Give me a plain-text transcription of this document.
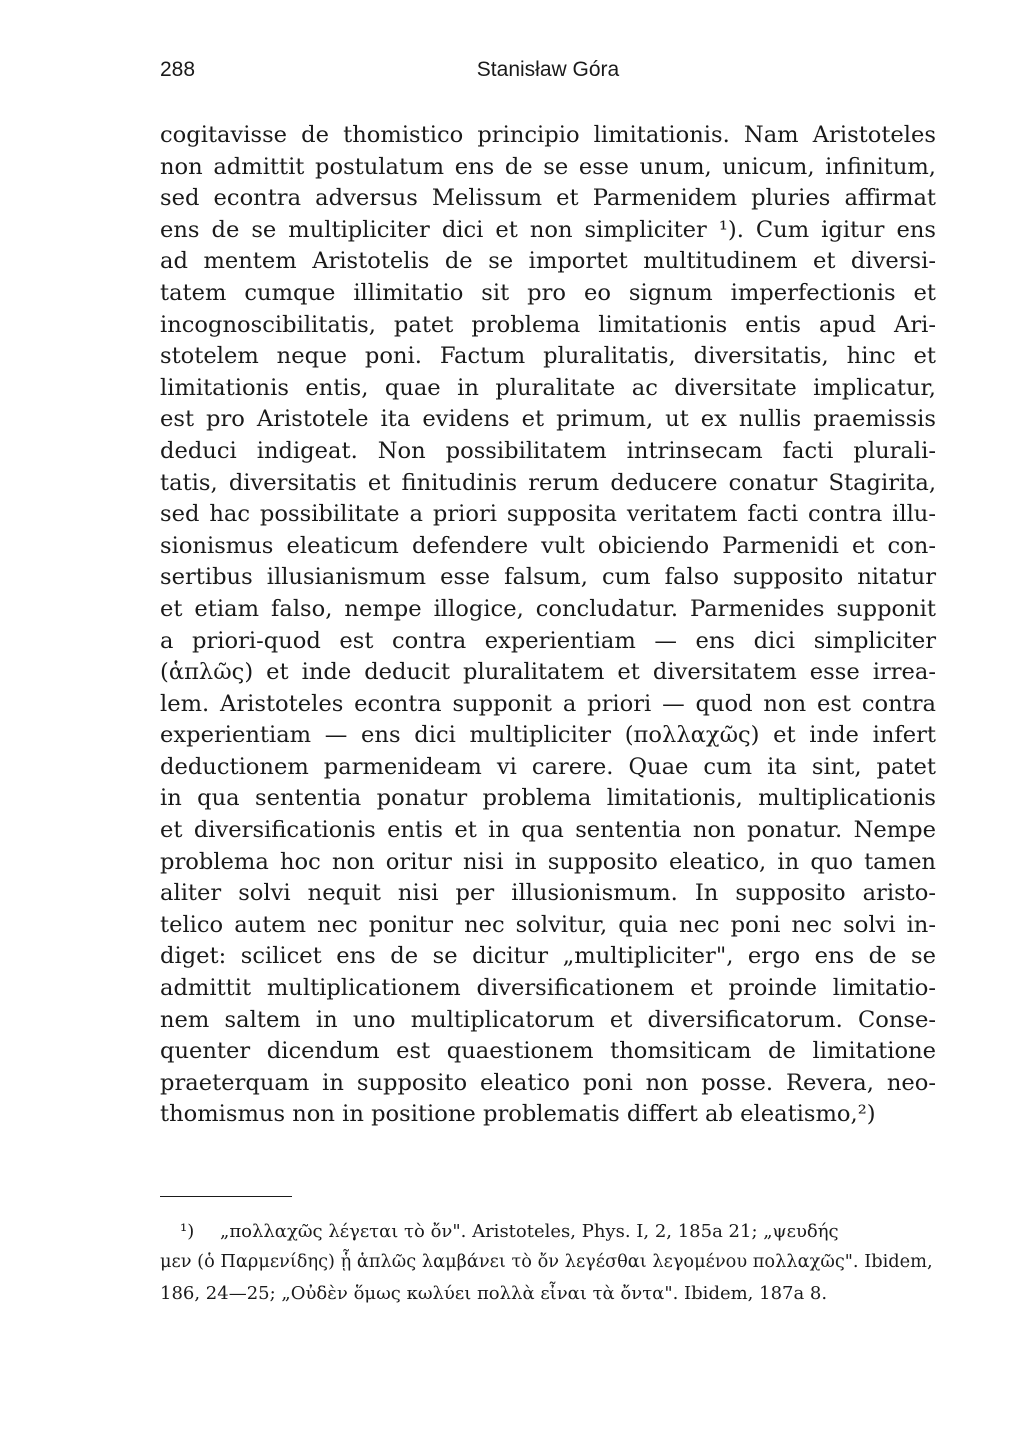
288	Stanisław Góra

cogitavisse de thomistico principio limitationis. Nam Aristoteles
non admittit postulatum ens de se esse unum, unicum, infinitum,
sed econtra adversus Melissum et Parmenidem pluries affirmat
ens de se multipliciter dici et non simpliciter ¹). Cum igitur ens
ad mentem Aristotelis de se importet multitudinem et diversi-
tatem cumque illimitatio sit pro eo signum imperfectionis et
incognoscibilitatis, patet problema limitationis entis apud Ari-
stotelem neque poni. Factum pluralitatis, diversitatis, hinc et
limitationis entis, quae in pluralitate ac diversitate implicatur,
est pro Aristotele ita evidens et primum, ut ex nullis praemissis
deduci indigeat. Non possibilitatem intrinsecam facti plurali-
tatis, diversitatis et finitudinis rerum deducere conatur Stagirita,
sed hac possibilitate a priori supposita veritatem facti contra illu-
sionismus eleaticum defendere vult obiciendo Parmenidi et con-
sertibus illusianismum esse falsum, cum falso supposito nitatur
et etiam falso, nempe illogice, concludatur. Parmenides supponit
a priori-quod est contra experientiam — ens dici simpliciter
(ἁπλῶς) et inde deducit pluralitatem et diversitatem esse irrea-
lem. Aristoteles econtra supponit a priori — quod non est contra
experientiam — ens dici multipliciter (πολλαχῶς) et inde infert
deductionem parmenideam vi carere. Quae cum ita sint, patet
in qua sententia ponatur problema limitationis, multiplicationis
et diversificationis entis et in qua sententia non ponatur. Nempe
problema hoc non oritur nisi in supposito eleatico, in quo tamen
aliter solvi nequit nisi per illusionismum. In supposito aristo-
telico autem nec ponitur nec solvitur, quia nec poni nec solvi in-
diget: scilicet ens de se dicitur „multipliciter", ergo ens de se
admittit multiplicationem diversificationem et proinde limitatio-
nem saltem in uno multiplicatorum et diversificatorum. Conse-
quenter dicendum est quaestionem thomsiticam de limitatione
praeterquam in supposito eleatico poni non posse. Revera, neo-
thomismus non in positione problematis differt ab eleatismo,²)

¹) „πολλαχῶς λέγεται τὸ ὄν". Aristoteles, Phys. I, 2, 185a 21; „ψευδής
μεν (ὁ Παρμενίδης) ᾗ ἁπλῶς λαμβάνει τὸ ὄν λεγέσθαι λεγομένου πολλαχῶς". Ibidem,
186, 24—25; „Οὐδὲν ὅμως κωλύει πολλὰ εἶναι τὰ ὄντα". Ibidem, 187a 8.
